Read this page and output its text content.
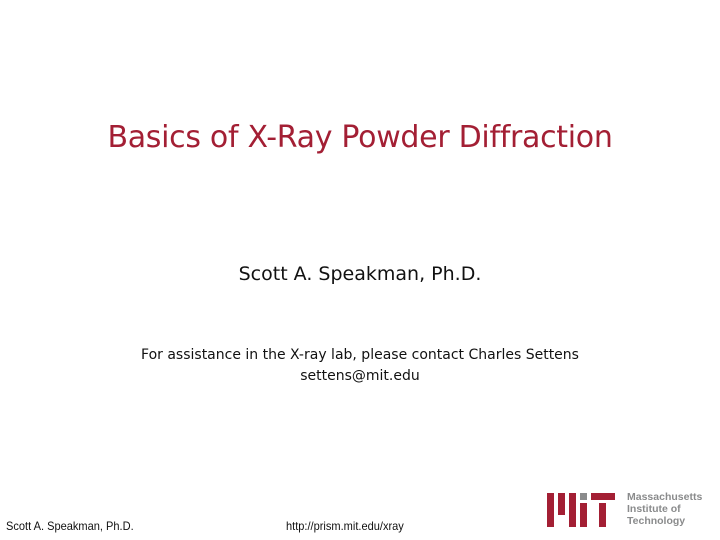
Basics of X-Ray Powder Diffraction
Scott A. Speakman, Ph.D.
For assistance in the X-ray lab, please contact Charles Settens
settens@mit.edu
Scott A. Speakman, Ph.D.	http://prism.mit.edu/xray
Massachusetts
Institute of
Technology
